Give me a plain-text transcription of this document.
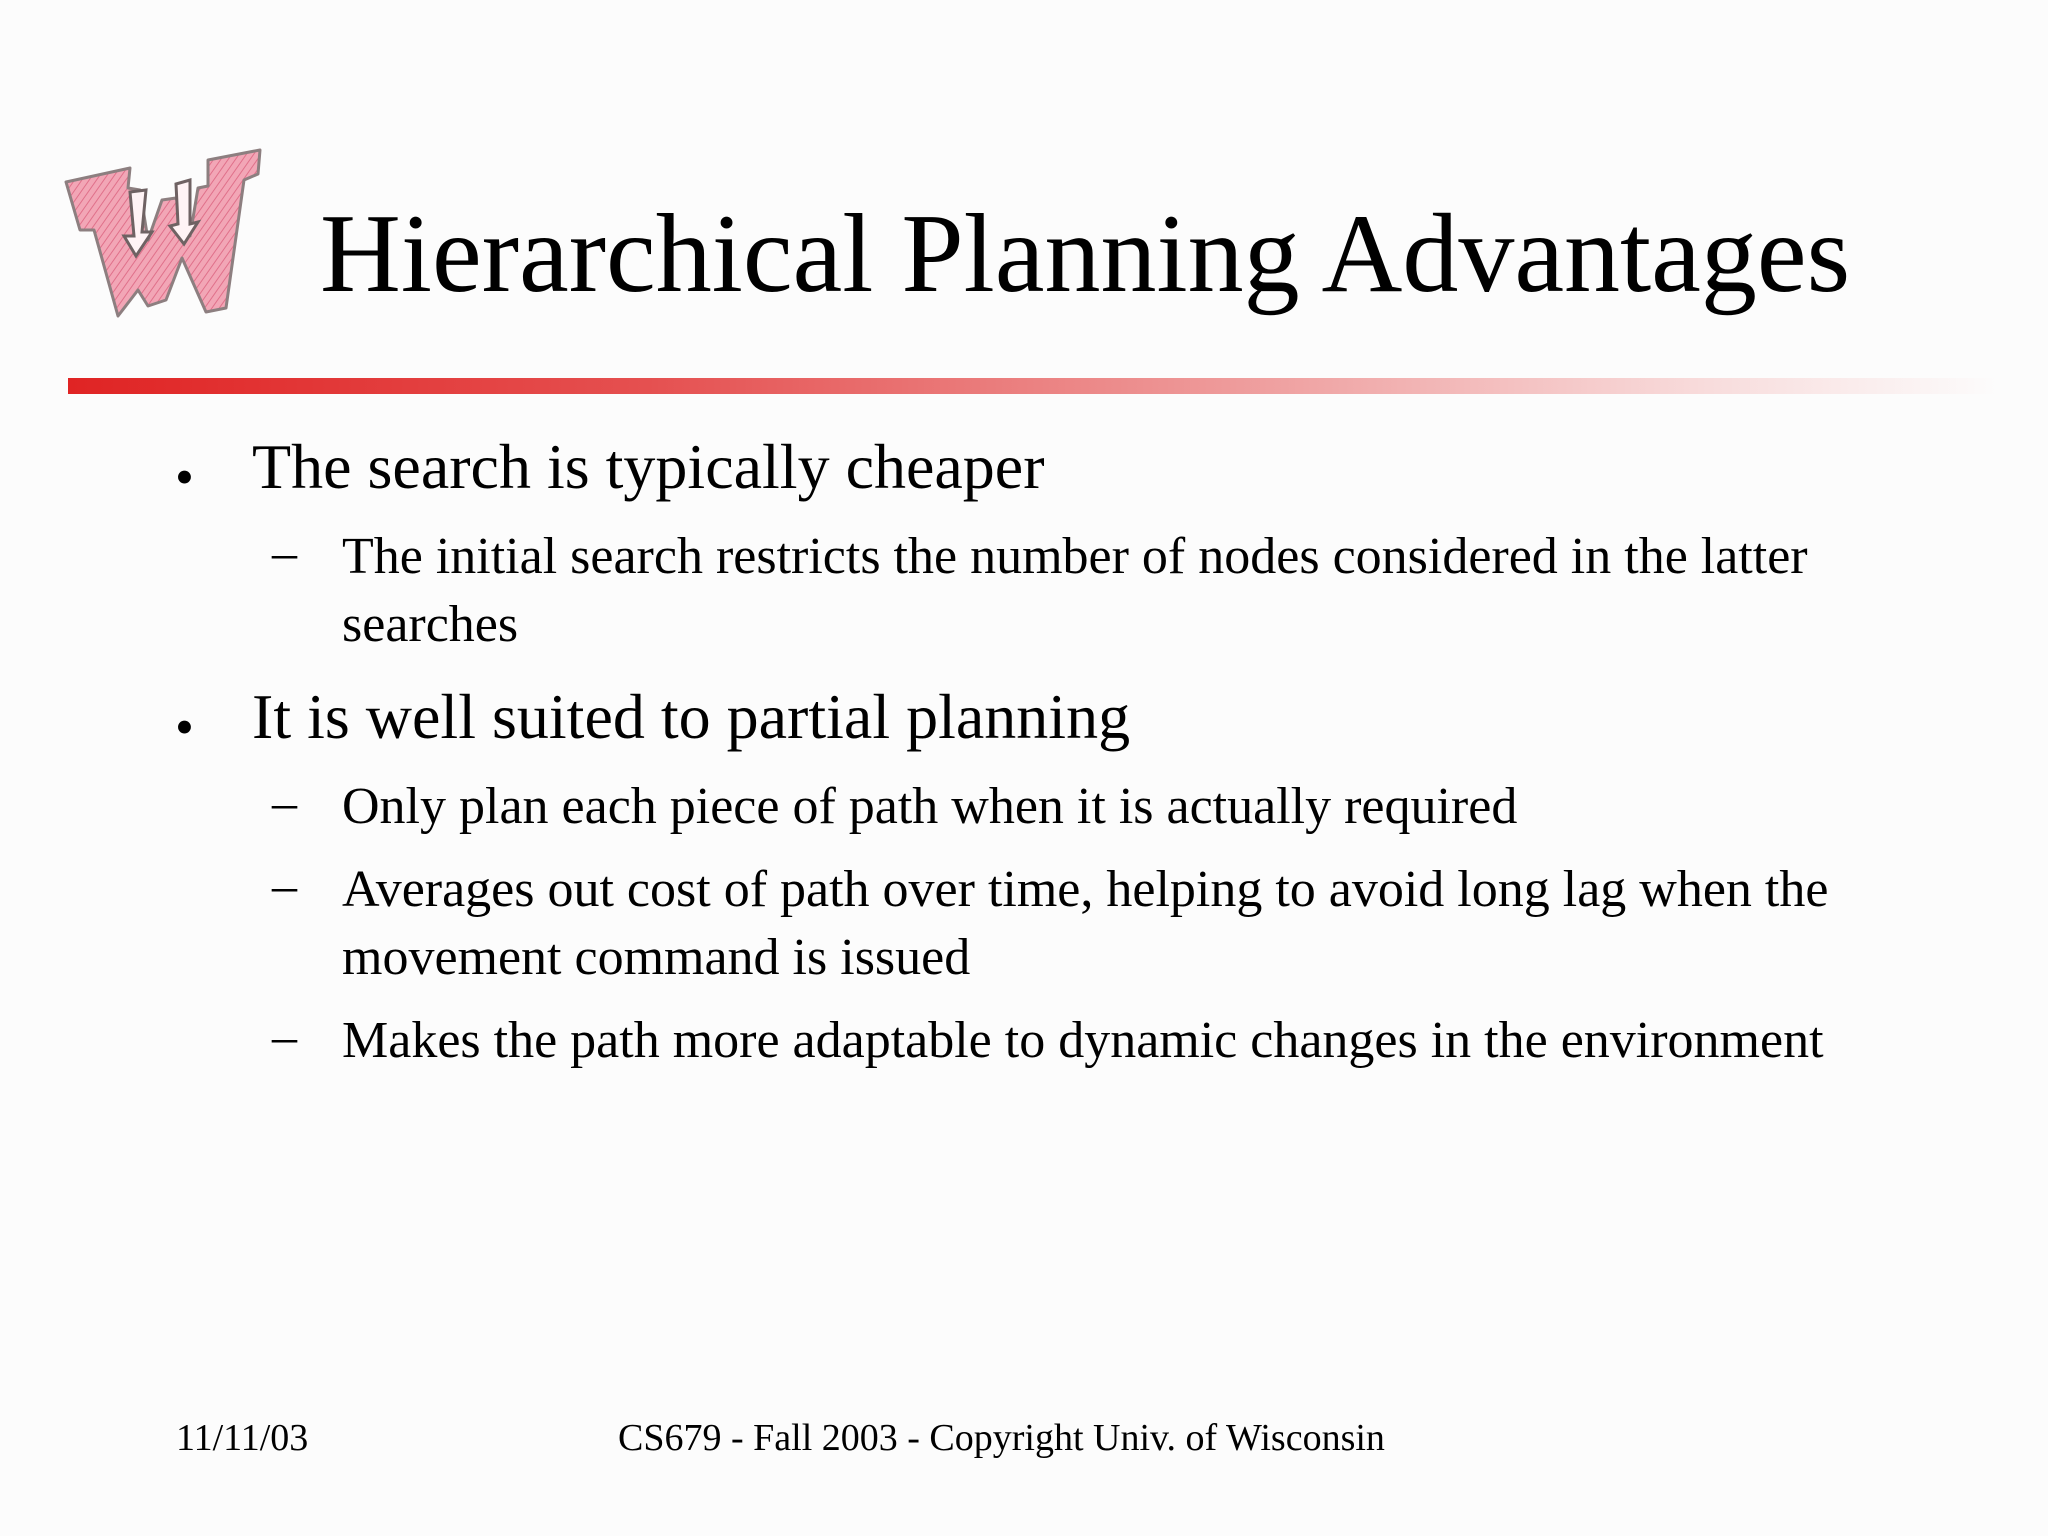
Hierarchical Planning Advantages
• The search is typically cheaper
– The initial search restricts the number of nodes considered in the latter searches
• It is well suited to partial planning
– Only plan each piece of path when it is actually required
– Averages out cost of path over time, helping to avoid long lag when the movement command is issued
– Makes the path more adaptable to dynamic changes in the environment
11/11/03	CS679 - Fall 2003 - Copyright Univ. of Wisconsin
